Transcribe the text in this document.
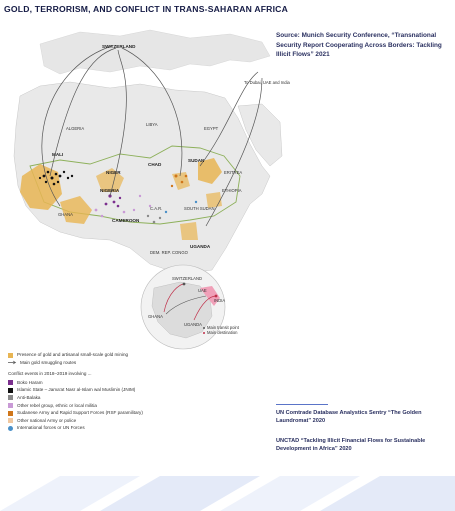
GOLD, TERRORISM, AND CONFLICT IN TRANS-SAHARAN AFRICA
SWITZERLAND
To Dubai, UAE and India
ALGERIA
LIBYA
EGYPT
MALI
NIGER
CHAD
SUDAN
ERITREA
ETHIOPIA
NIGERIA
CAMEROON
C.A.R.	SOUTH SUDAN
GHANA
UGANDA
DEM. REP. CONGO
SWITZERLAND
UAE
INDIA
GHANA
UGANDA
Main transit point
Main destination
Source: Munich Security Conference, “Transnational Security Report Cooperating Across Borders: Tackling Illicit Flows” 2021
Presence of gold and artisanal small-scale gold mining
Main gold smuggling routes
Conflict events in 2018–2019 involving ...
Boko Haram
Islamic State – Jama'at Nasr al-Islam wal Muslimin (JNIM)
Anti-Balaka
Other rebel group, ethnic or local militia
Sudanese Army and Rapid Support Forces (RSF paramilitary)
Other national Army or police
International forces or UN Forces
UN Comtrade Database Analystics Sentry “The Golden Laundromat” 2020
UNCTAD “Tackling Illicit Financial Flows for Sustainable Development in Africa” 2020
